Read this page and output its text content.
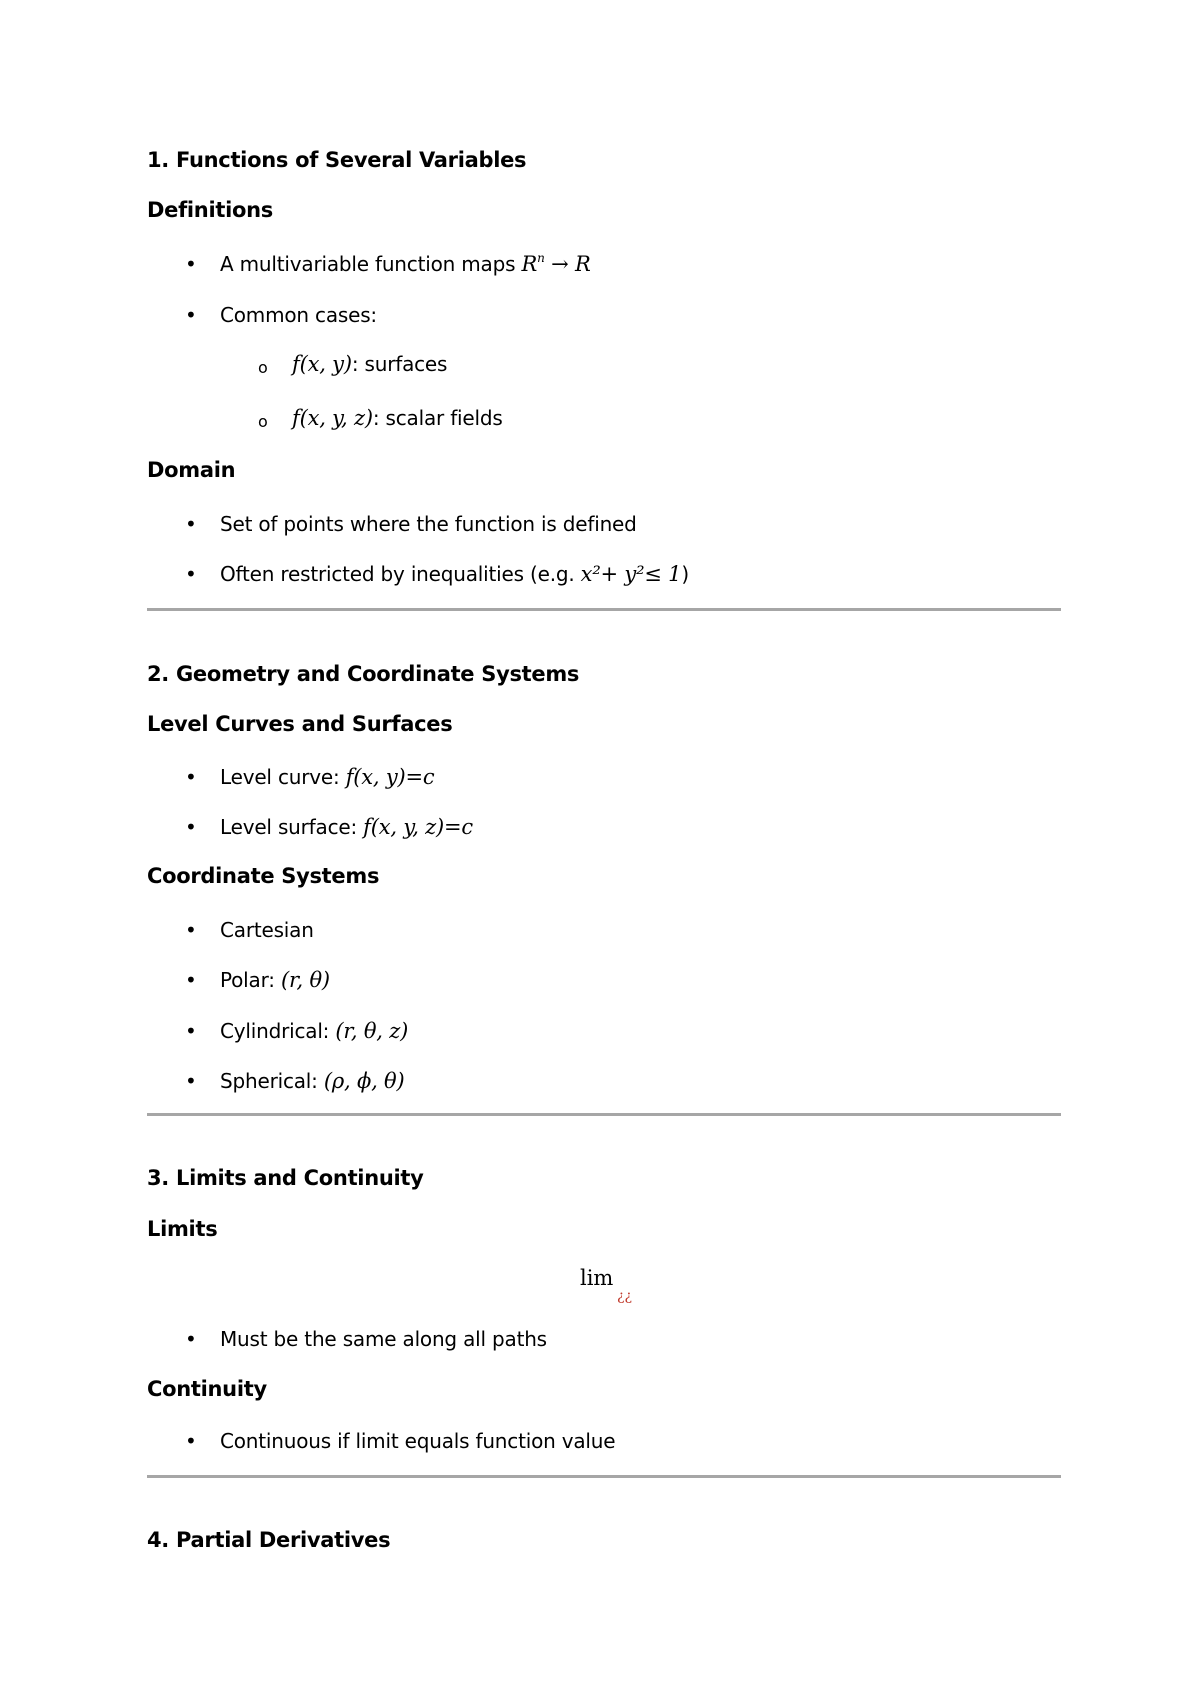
1. Functions of Several Variables
Definitions
• A multivariable function maps $R^n \to R$
• Common cases:
o f(x, y): surfaces
o f(x, y, z): scalar fields
Domain
• Set of points where the function is defined
• Often restricted by inequalities (e.g. x²+ y²≤ 1)
2. Geometry and Coordinate Systems
Level Curves and Surfaces
• Level curve: f(x, y)=c
• Level surface: f(x, y, z)=c
Coordinate Systems
• Cartesian
• Polar: (r, θ)
• Cylindrical: (r, θ, z)
• Spherical: (ρ, ϕ, θ)
3. Limits and Continuity
Limits
lim
¿¿
• Must be the same along all paths
Continuity
• Continuous if limit equals function value
4. Partial Derivatives
